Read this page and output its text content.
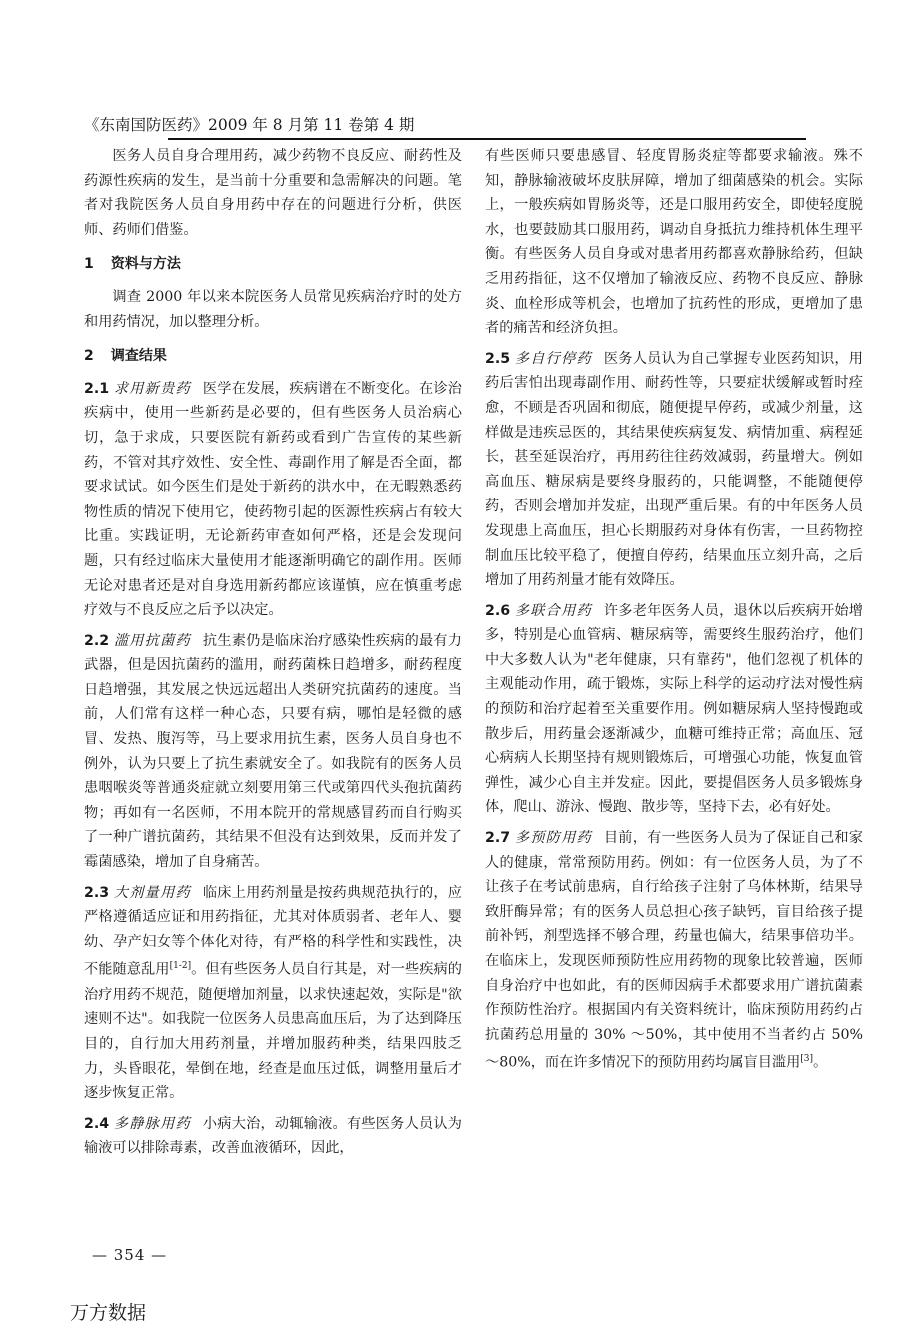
《东南国防医药》2009 年 8 月第 11 卷第 4 期

医务人员自身合理用药，减少药物不良反应、耐药性及药源性疾病的发生，是当前十分重要和急需解决的问题。笔者对我院医务人员自身用药中存在的问题进行分析，供医师、药师们借鉴。

1 资料与方法

调查 2000 年以来本院医务人员常见疾病治疗时的处方和用药情况，加以整理分析。

2 调查结果

2.1 求用新贵药 医学在发展，疾病谱在不断变化。在诊治疾病中，使用一些新药是必要的，但有些医务人员治病心切，急于求成，只要医院有新药或看到广告宣传的某些新药，不管对其疗效性、安全性、毒副作用了解是否全面，都要求试试。如今医生们是处于新药的洪水中，在无暇熟悉药物性质的情况下使用它，使药物引起的医源性疾病占有较大比重。实践证明，无论新药审查如何严格，还是会发现问题，只有经过临床大量使用才能逐渐明确它的副作用。医师无论对患者还是对自身选用新药都应该谨慎，应在慎重考虑疗效与不良反应之后予以决定。

2.2 滥用抗菌药 抗生素仍是临床治疗感染性疾病的最有力武器，但是因抗菌药的滥用，耐药菌株日趋增多，耐药程度日趋增强，其发展之快远远超出人类研究抗菌药的速度。当前，人们常有这样一种心态，只要有病，哪怕是轻微的感冒、发热、腹泻等，马上要求用抗生素，医务人员自身也不例外，认为只要上了抗生素就安全了。如我院有的医务人员患咽喉炎等普通炎症就立刻要用第三代或第四代头孢抗菌药物；再如有一名医师，不用本院开的常规感冒药而自行购买了一种广谱抗菌药，其结果不但没有达到效果，反而并发了霉菌感染，增加了自身痛苦。

2.3 大剂量用药 临床上用药剂量是按药典规范执行的，应严格遵循适应证和用药指征，尤其对体质弱者、老年人、婴幼、孕产妇女等个体化对待，有严格的科学性和实践性，决不能随意乱用[1-2]。但有些医务人员自行其是，对一些疾病的治疗用药不规范，随便增加剂量，以求快速起效，实际是"欲速则不达"。如我院一位医务人员患高血压后，为了达到降压目的，自行加大用药剂量，并增加服药种类，结果四肢乏力，头昏眼花，晕倒在地，经查是血压过低，调整用量后才逐步恢复正常。

2.4 多静脉用药 小病大治，动辄输液。有些医务人员认为输液可以排除毒素，改善血液循环，因此，

有些医师只要患感冒、轻度胃肠炎症等都要求输液。殊不知，静脉输液破坏皮肤屏障，增加了细菌感染的机会。实际上，一般疾病如胃肠炎等，还是口服用药安全，即使轻度脱水，也要鼓励其口服用药，调动自身抵抗力维持机体生理平衡。有些医务人员自身或对患者用药都喜欢静脉给药，但缺乏用药指征，这不仅增加了输液反应、药物不良反应、静脉炎、血栓形成等机会，也增加了抗药性的形成，更增加了患者的痛苦和经济负担。

2.5 多自行停药 医务人员认为自己掌握专业医药知识，用药后害怕出现毒副作用、耐药性等，只要症状缓解或暂时痊愈，不顾是否巩固和彻底，随便提早停药，或减少剂量，这样做是违疾忌医的，其结果使疾病复发、病情加重、病程延长，甚至延误治疗，再用药往往药效减弱，药量增大。例如高血压、糖尿病是要终身服药的，只能调整，不能随便停药，否则会增加并发症，出现严重后果。有的中年医务人员发现患上高血压，担心长期服药对身体有伤害，一旦药物控制血压比较平稳了，便擅自停药，结果血压立刻升高，之后增加了用药剂量才能有效降压。

2.6 多联合用药 许多老年医务人员，退休以后疾病开始增多，特别是心血管病、糖尿病等，需要终生服药治疗，他们中大多数人认为"老年健康，只有靠药"，他们忽视了机体的主观能动作用，疏于锻炼，实际上科学的运动疗法对慢性病的预防和治疗起着至关重要作用。例如糖尿病人坚持慢跑或散步后，用药量会逐渐减少，血糖可维持正常；高血压、冠心病病人长期坚持有规则锻炼后，可增强心功能，恢复血管弹性，减少心自主并发症。因此，要提倡医务人员多锻炼身体，爬山、游泳、慢跑、散步等，坚持下去，必有好处。

2.7 多预防用药 目前，有一些医务人员为了保证自己和家人的健康，常常预防用药。例如：有一位医务人员，为了不让孩子在考试前患病，自行给孩子注射了乌体林斯，结果导致肝酶异常；有的医务人员总担心孩子缺钙，盲目给孩子提前补钙，剂型选择不够合理，药量也偏大，结果事倍功半。在临床上，发现医师预防性应用药物的现象比较普遍，医师自身治疗中也如此，有的医师因病手术都要求用广谱抗菌素作预防性治疗。根据国内有关资料统计，临床预防用药约占抗菌药总用量的 30% ～50%，其中使用不当者约占 50% ～80%，而在许多情况下的预防用药均属盲目滥用[3]。

— 354 —
万方数据
